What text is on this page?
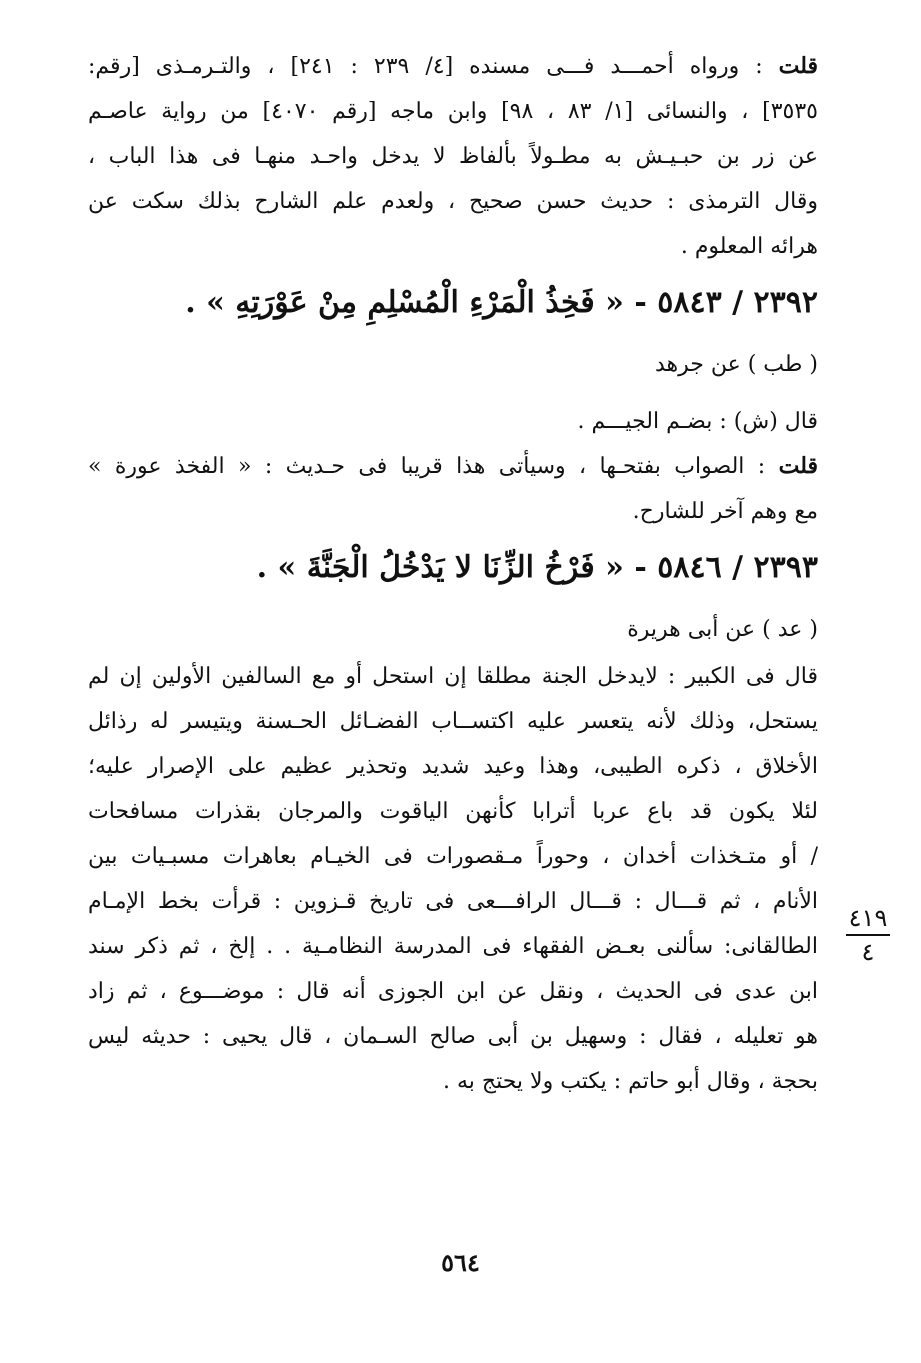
قلت : ورواه أحمـــد فـــى مسنده [٤/ ٢٣٩ : ٢٤١] ، والتـرمـذى [رقم:
٣٥٣٥] ، والنسائى [١/ ٨٣ ، ٩٨] وابن ماجه [رقم ٤٠٧٠] من رواية عاصـم
عن زر بن حبـيـش به مطـولاً بألفاظ لا يدخل واحـد منهـا فى هذا الباب ،
وقال الترمذى : حديث حسن صحيح ، ولعدم علم الشارح بذلك سكت عن
هرائه المعلوم .
٢٣٩٢ / ٥٨٤٣ - « فَخِذُ الْمَرْءِ الْمُسْلِمِ مِنْ عَوْرَتِهِ » .
( طب ) عن جرهد
قال (ش) : بضـم الجيـــم .
قلت : الصواب بفتحـها ، وسيأتى هذا قريبا فى حـديث : « الفخذ عورة »
مع وهم آخر للشارح.
٢٣٩٣ / ٥٨٤٦ - « فَرْخُ الزِّنَا لا يَدْخُلُ الْجَنَّةَ » .
( عد ) عن أبى هريرة
قال فى الكبير : لايدخل الجنة مطلقا إن استحل أو مع السالفين الأولين إن لم
يستحل، وذلك لأنه يتعسر عليه اكتســاب الفضـائل الحـسنة ويتيسر له رذائل
الأخلاق ، ذكره الطيبى، وهذا وعيد شديد وتحذير عظيم على الإصرار عليه؛
لئلا يكون قد باع عربا أترابا كأنهن الياقوت والمرجان بقذرات مسافحات
/ أو متـخذات أخدان ، وحوراً مـقصورات فى الخيـام بعاهرات مسبـيات بين
الأنام ، ثم قـــال : قـــال الرافـــعى فى تاريخ قـزوين : قرأت بخط الإمـام
الطالقانى: سألنى بعـض الفقهاء فى المدرسة النظامـية . . إلخ ، ثم ذكر سند
ابن عدى فى الحديث ، ونقل عن ابن الجوزى أنه قال : موضـــوع ، ثم زاد
هو تعليله ، فقال : وسهيل بن أبى صالح السـمان ، قال يحيى : حديثه ليس
بحجة ، وقال أبو حاتم : يكتب ولا يحتج به .
٤١٩
٤
٥٦٤
